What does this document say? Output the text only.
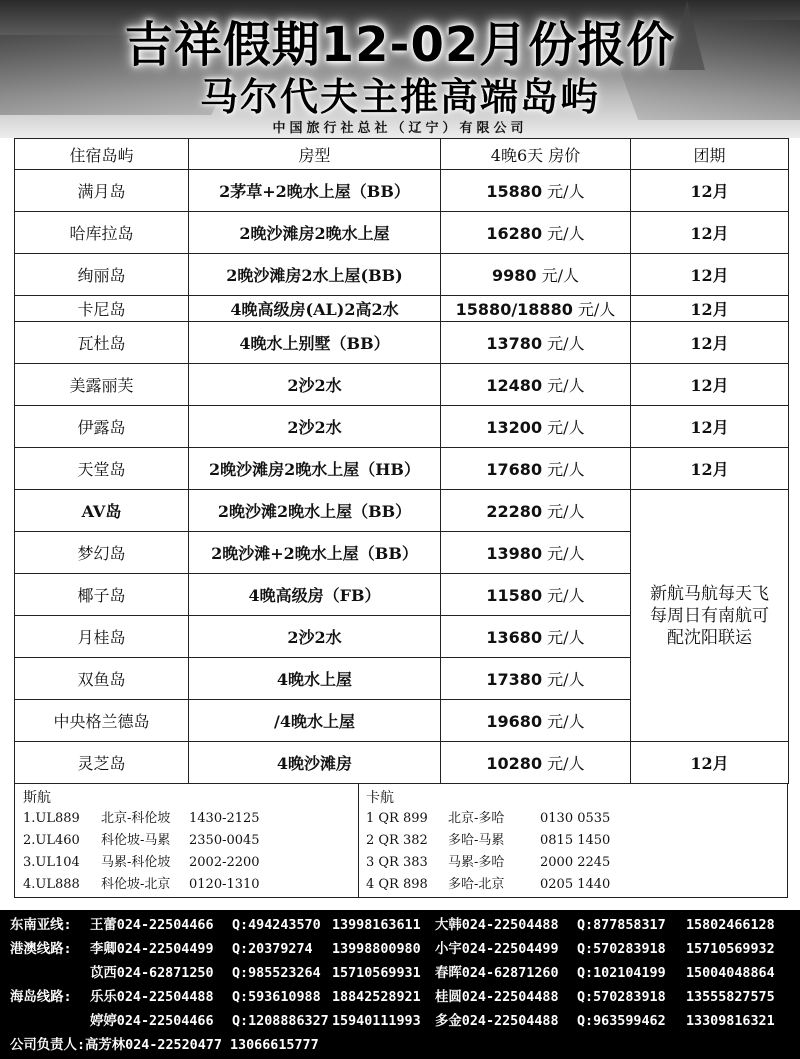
吉祥假期12-02月份报价
马尔代夫主推高端岛屿
中国旅行社总社（辽宁）有限公司
住宿岛屿	房型	4晚6天 房价	团期
满月岛	2茅草+2晚水上屋（BB）	15880 元/人	12月
哈库拉岛	2晚沙滩房2晚水上屋	16280 元/人	12月
绚丽岛	2晚沙滩房2水上屋(BB)	9980 元/人	12月
卡尼岛	4晚高级房(AL)2高2水	15880/18880 元/人	12月
瓦杜岛	4晚水上别墅（BB）	13780 元/人	12月
美露丽芙	2沙2水	12480 元/人	12月
伊露岛	2沙2水	13200 元/人	12月
天堂岛	2晚沙滩房2晚水上屋（HB）	17680 元/人	12月
AV岛	2晚沙滩2晚水上屋（BB）	22280 元/人	新航马航每天飞
每周日有南航可
配沈阳联运

梦幻岛	2晚沙滩+2晚水上屋（BB）	13980 元/人	
椰子岛	4晚高级房（FB）	11580 元/人	
月桂岛	2沙2水	13680 元/人	
双鱼岛	4晚水上屋	17380 元/人	
中央格兰德岛	/4晚水上屋	19680 元/人	
灵芝岛	4晚沙滩房	10280 元/人	12月
斯航
1.UL889 北京-科伦坡 1430-2125
2.UL460 科伦坡-马累 2350-0045
3.UL104 马累-科伦坡 2002-2200
4.UL888 科伦坡-北京 0120-1310
卡航
1 QR 899 北京-多哈	0130 0535
2 QR 382 多哈-马累	0815 1450
3 QR 383 马累-多哈	2000 2245
4 QR 898 多哈-北京	0205 1440
东南亚线:	王蕾024-22504466 Q:494243570 13998163611 大韩024-22504488 Q:877858317 15802466128
港澳线路:	李卿024-22504499 Q:20379274 13998800980 小宇024-22504499 Q:570283918 15710569932
苡西024-62871250 Q:985523264 15710569931 春晖024-62871260 Q:102104199 15004048864
海岛线路:	乐乐024-22504488 Q:593610988 18842528921 桂圆024-22504488 Q:570283918 13555827575
婷婷024-22504466 Q:1208886327 15940111993 多金024-22504488 Q:963599462 13309816321
公司负责人:高芳林024-22520477 13066615777
